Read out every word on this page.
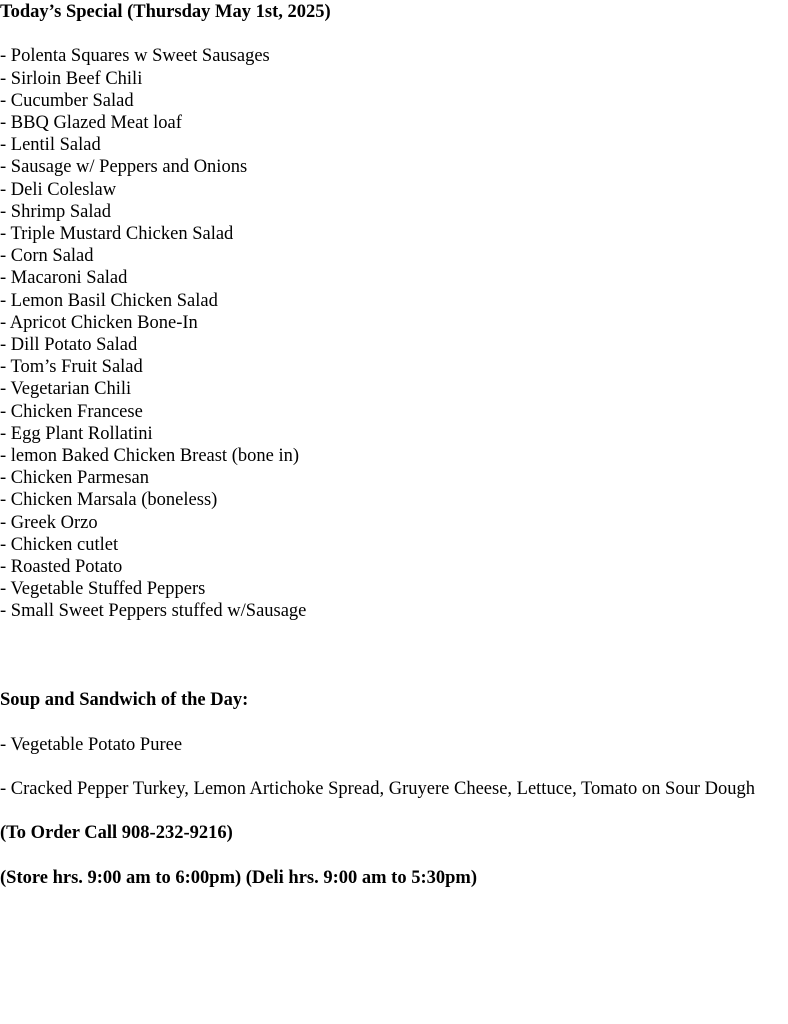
Today’s Special (Thursday May 1st, 2025)

- Polenta Squares w Sweet Sausages
- Sirloin Beef Chili
- Cucumber Salad
- BBQ Glazed Meat loaf
- Lentil Salad
- Sausage w/ Peppers and Onions
- Deli Coleslaw
- Shrimp Salad
- Triple Mustard Chicken Salad
- Corn Salad
- Macaroni Salad
- Lemon Basil Chicken Salad
- Apricot Chicken Bone-In
- Dill Potato Salad
- Tom’s Fruit Salad
- Vegetarian Chili
- Chicken Francese
- Egg Plant Rollatini
- lemon Baked Chicken Breast (bone in)
- Chicken Parmesan
- Chicken Marsala (boneless)
- Greek Orzo
- Chicken cutlet
- Roasted Potato
- Vegetable Stuffed Peppers
- Small Sweet Peppers stuffed w/Sausage

Soup and Sandwich of the Day:

- Vegetable Potato Puree

- Cracked Pepper Turkey, Lemon Artichoke Spread, Gruyere Cheese, Lettuce, Tomato on Sour Dough

(To Order Call 908-232-9216)

(Store hrs. 9:00 am to 6:00pm) (Deli hrs. 9:00 am to 5:30pm)
